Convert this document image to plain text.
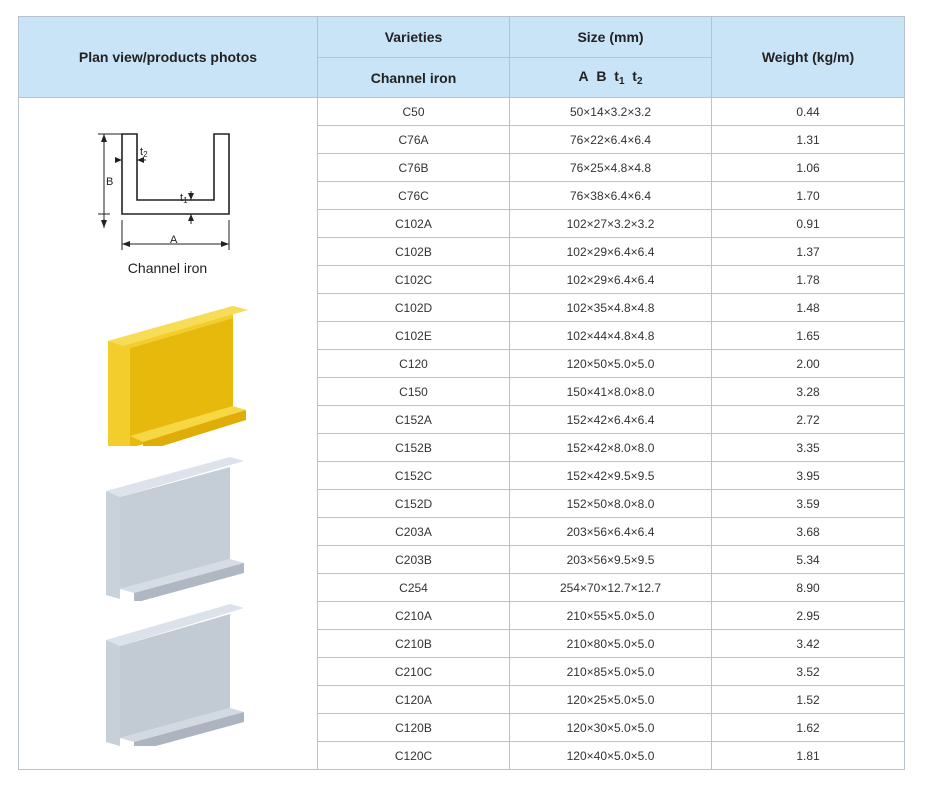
Plan view/products photos	Varieties	Size (mm)	Weight (kg/m)
	Channel iron	A B $t_1$ $t_2$
	C50	50×14×3.2×3.2	0.44
	C76A	76×22×6.4×6.4	1.31
	C76B	76×25×4.8×4.8	1.06
	C76C	76×38×6.4×6.4	1.70
	C102A	102×27×3.2×3.2	0.91
	C102B	102×29×6.4×6.4	1.37
	C102C	102×29×6.4×6.4	1.78
	C102D	102×35×4.8×4.8	1.48
	C102E	102×44×4.8×4.8	1.65
	C120	120×50×5.0×5.0	2.00
	C150	150×41×8.0×8.0	3.28
	C152A	152×42×6.4×6.4	2.72
	C152B	152×42×8.0×8.0	3.35
	C152C	152×42×9.5×9.5	3.95
	C152D	152×50×8.0×8.0	3.59
	C203A	203×56×6.4×6.4	3.68
	C203B	203×56×9.5×9.5	5.34
	C254	254×70×12.7×12.7	8.90
	C210A	210×55×5.0×5.0	2.95
	C210B	210×80×5.0×5.0	3.42
	C210C	210×85×5.0×5.0	3.52
	C120A	120×25×5.0×5.0	1.52
	C120B	120×30×5.0×5.0	1.62
	C120C	120×40×5.0×5.0	1.81
B
A
t2
t1
Channel iron
